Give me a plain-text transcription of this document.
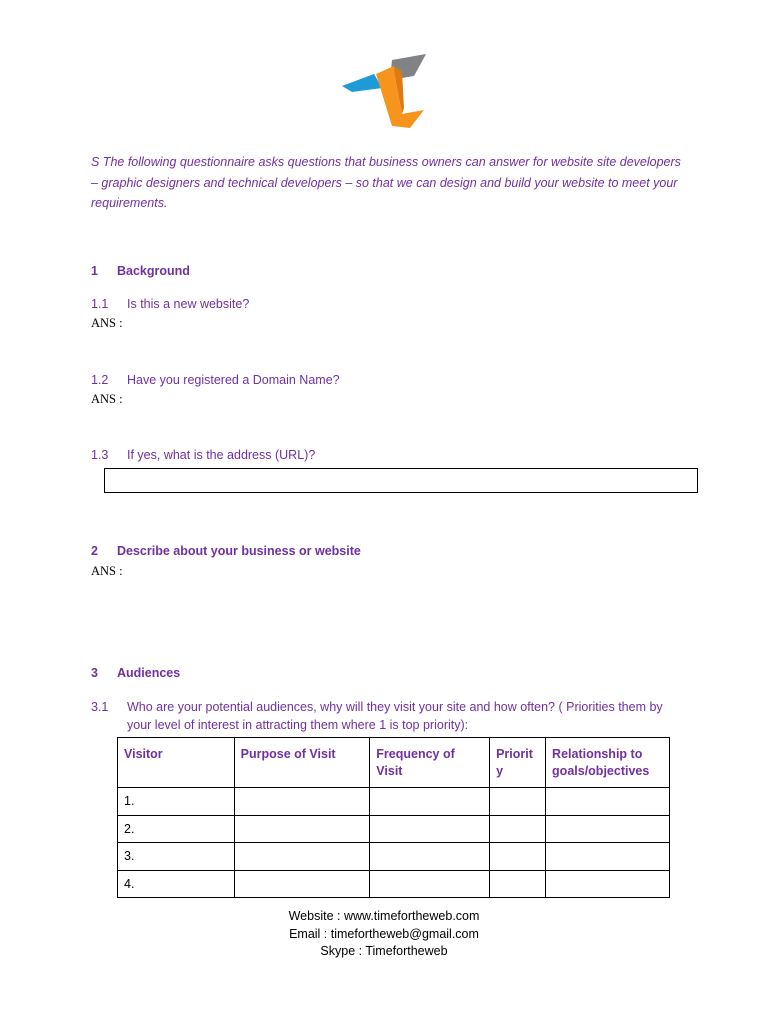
S The following questionnaire asks questions that business owners can answer for website site developers – graphic designers and technical developers – so that we can design and build your website to meet your requirements.
1 Background
1.1 Is this a new website?
ANS :
1.2 Have you registered a Domain Name?
ANS :
1.3 If yes, what is the address (URL)?
2 Describe about your business or website
ANS :
3 Audiences
3.1 Who are your potential audiences, why will they visit your site and how often? ( Priorities them by your level of interest in attracting them where 1 is top priority):
Visitor	Purpose of Visit	Frequency of Visit	Priorit y	Relationship to goals/objectives
1.				
2.				
3.				
4.				
Website : www.timefortheweb.com
Email : timefortheweb@gmail.com
Skype : Timefortheweb
